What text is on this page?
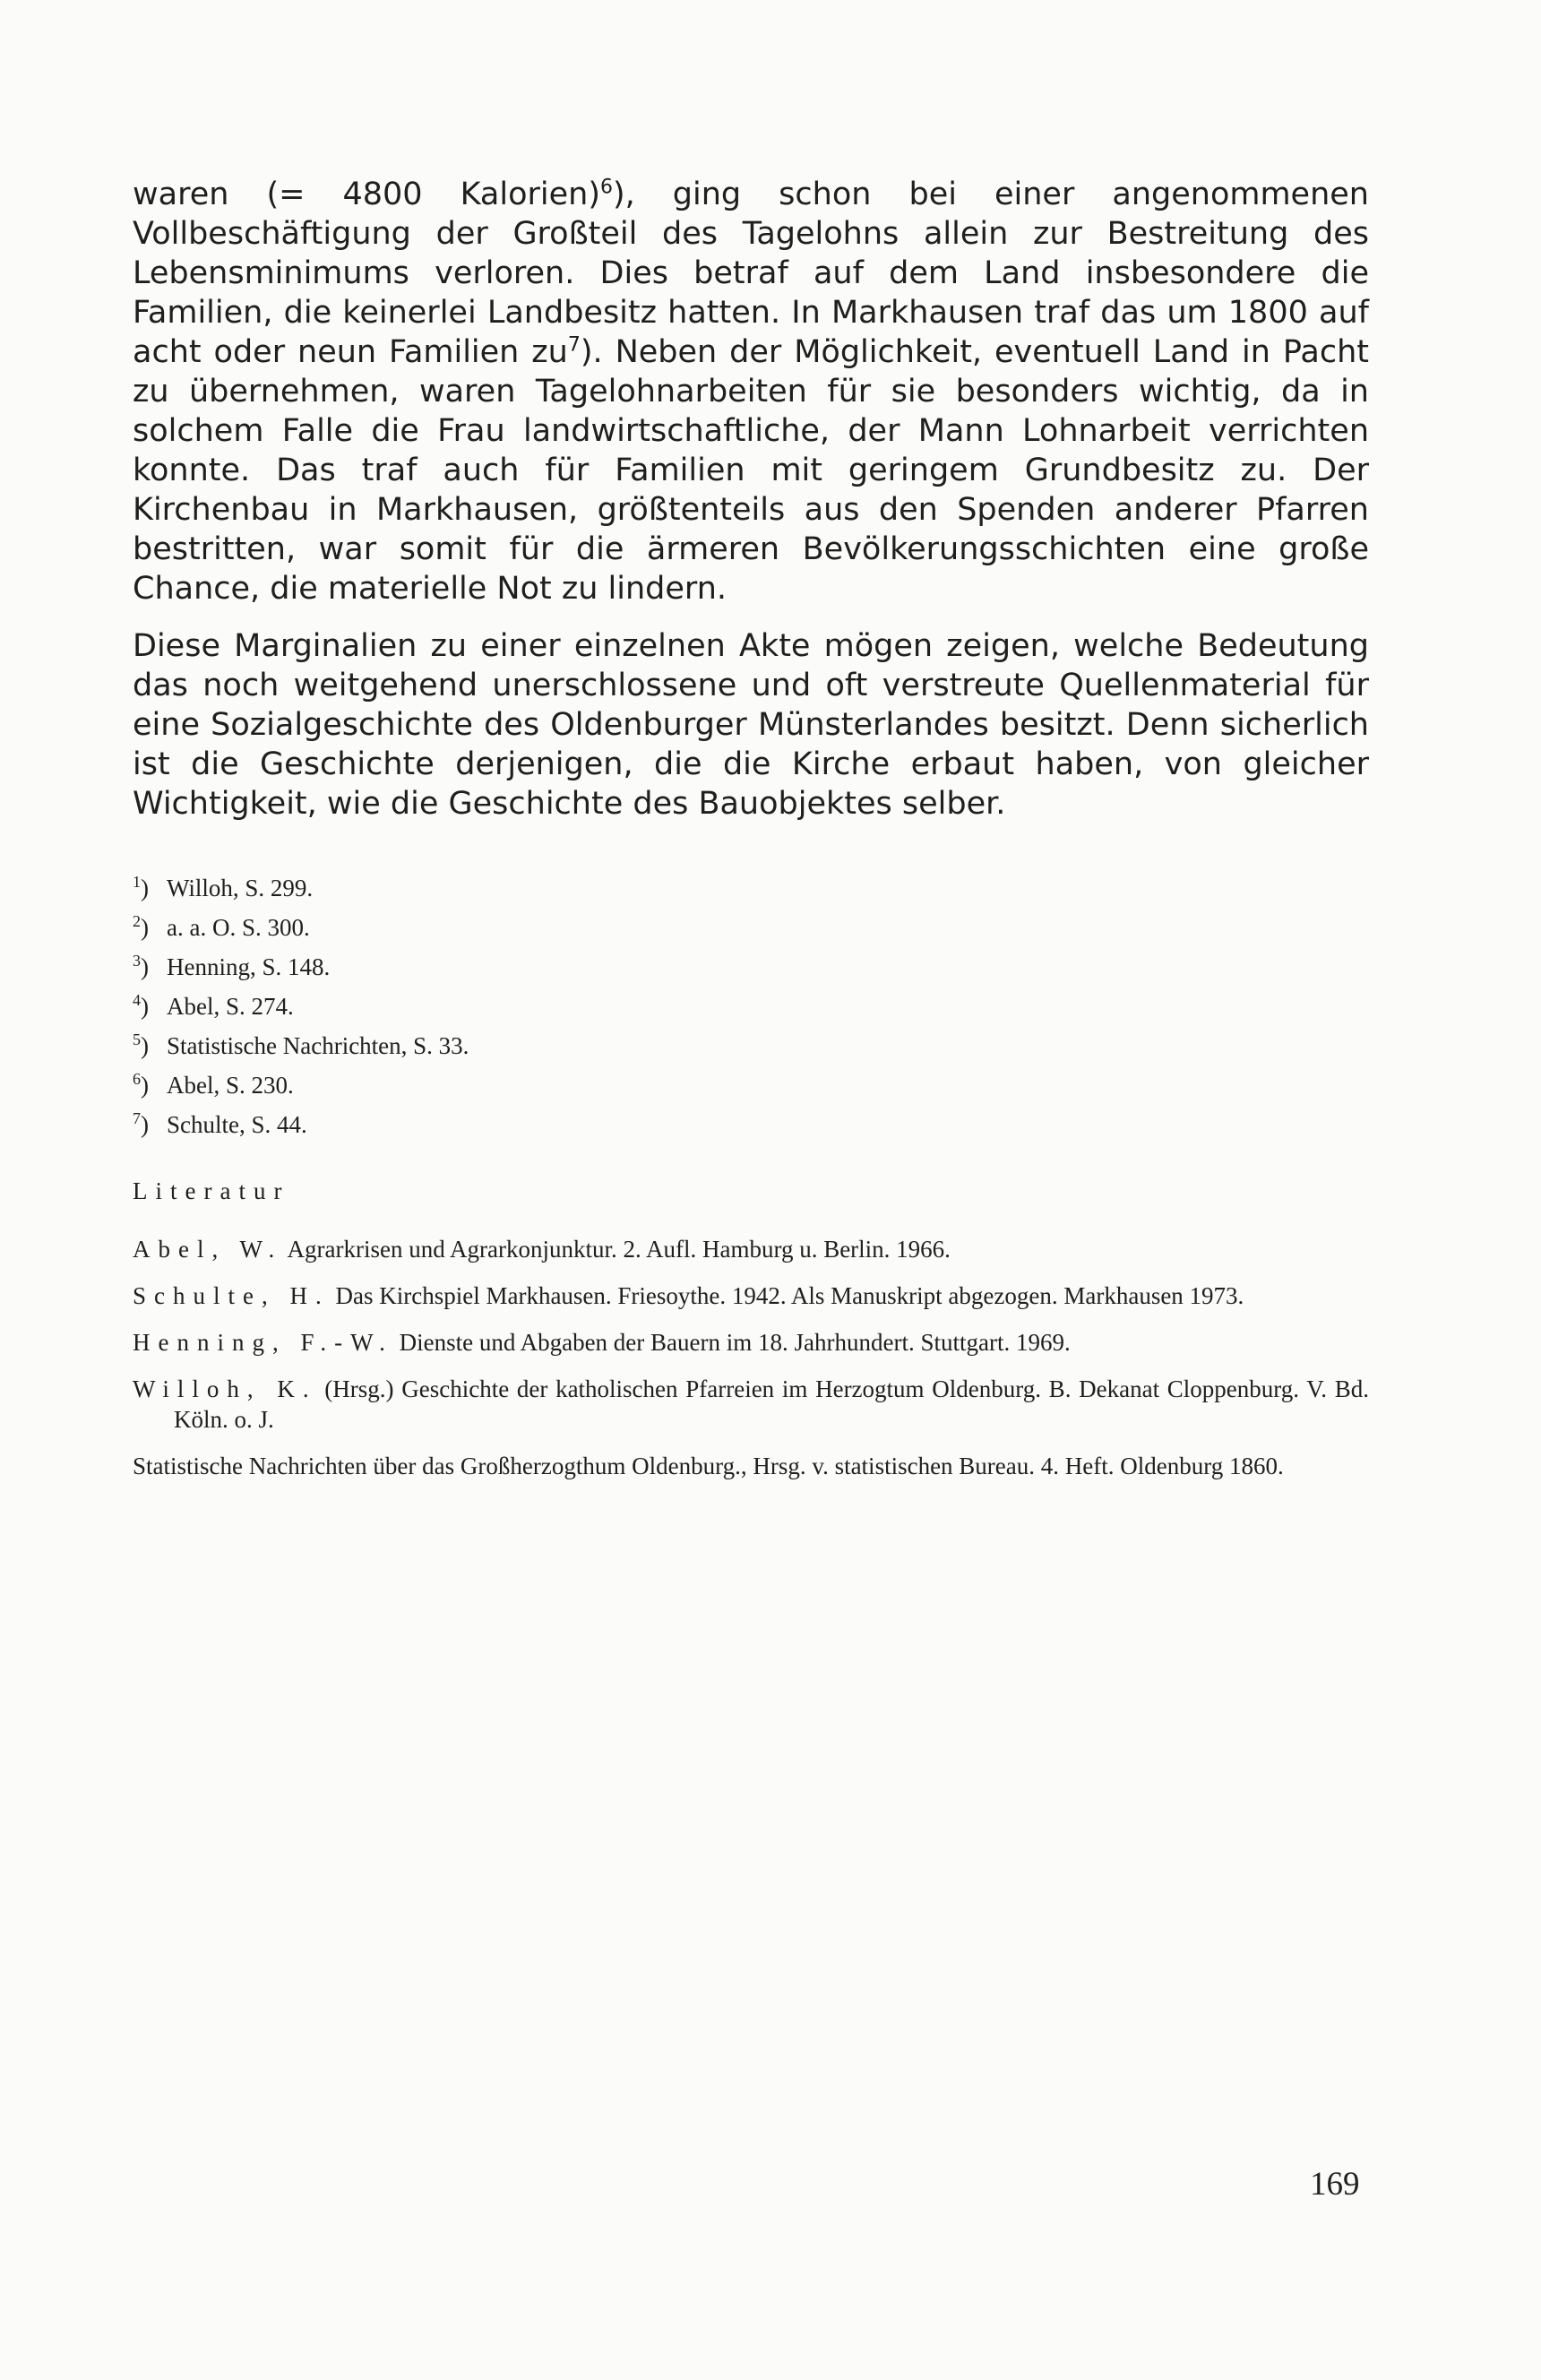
waren (= 4800 Kalorien)$^6$), ging schon bei einer angenommenen Vollbeschäftigung der Großteil des Tagelohns allein zur Bestreitung des Lebensminimums verloren. Dies betraf auf dem Land insbesondere die Familien, die keinerlei Landbesitz hatten. In Markhausen traf das um 1800 auf acht oder neun Familien $zu^7$). Neben der Möglichkeit, eventuell Land in Pacht zu übernehmen, waren Tagelohnarbeiten für sie besonders wichtig, da in solchem Falle die Frau landwirtschaftliche, der Mann Lohnarbeit verrichten konnte. Das traf auch für Familien mit geringem Grundbesitz zu. Der Kirchenbau in Markhausen, größtenteils aus den Spenden anderer Pfarren bestritten, war somit für die ärmeren Bevölkerungsschichten eine große Chance, die materielle Not zu lindern.

Diese Marginalien zu einer einzelnen Akte mögen zeigen, welche Bedeutung das noch weitgehend unerschlossene und oft verstreute Quellenmaterial für eine Sozialgeschichte des Oldenburger Münsterlandes besitzt. Denn sicherlich ist die Geschichte derjenigen, die die Kirche erbaut haben, von gleicher Wichtigkeit, wie die Geschichte des Bauobjektes selber.

$^1$) Willoh, S. 299.
$^2$) a. a. O. S. 300.
$^3$) Henning, S. 148.
$^4$) Abel, S. 274.
$^5$) Statistische Nachrichten, S. 33.
$^6$) Abel, S. 230.
$^7$) Schulte, S. 44.
Literatur
Abel, W. Agrarkrisen und Agrarkonjunktur. 2. Aufl. Hamburg u. Berlin. 1966.
Schulte, H. Das Kirchspiel Markhausen. Friesoythe. 1942. Als Manuskript abgezogen. Markhausen 1973.
Henning, F.-W. Dienste und Abgaben der Bauern im 18. Jahrhundert. Stuttgart. 1969.
Willoh, K. (Hrsg.) Geschichte der katholischen Pfarreien im Herzogtum Oldenburg. B. Dekanat Cloppenburg. V. Bd. Köln. o. J.
Statistische Nachrichten über das Großherzogthum Oldenburg., Hrsg. v. statistischen Bureau. 4. Heft. Oldenburg 1860.
169
